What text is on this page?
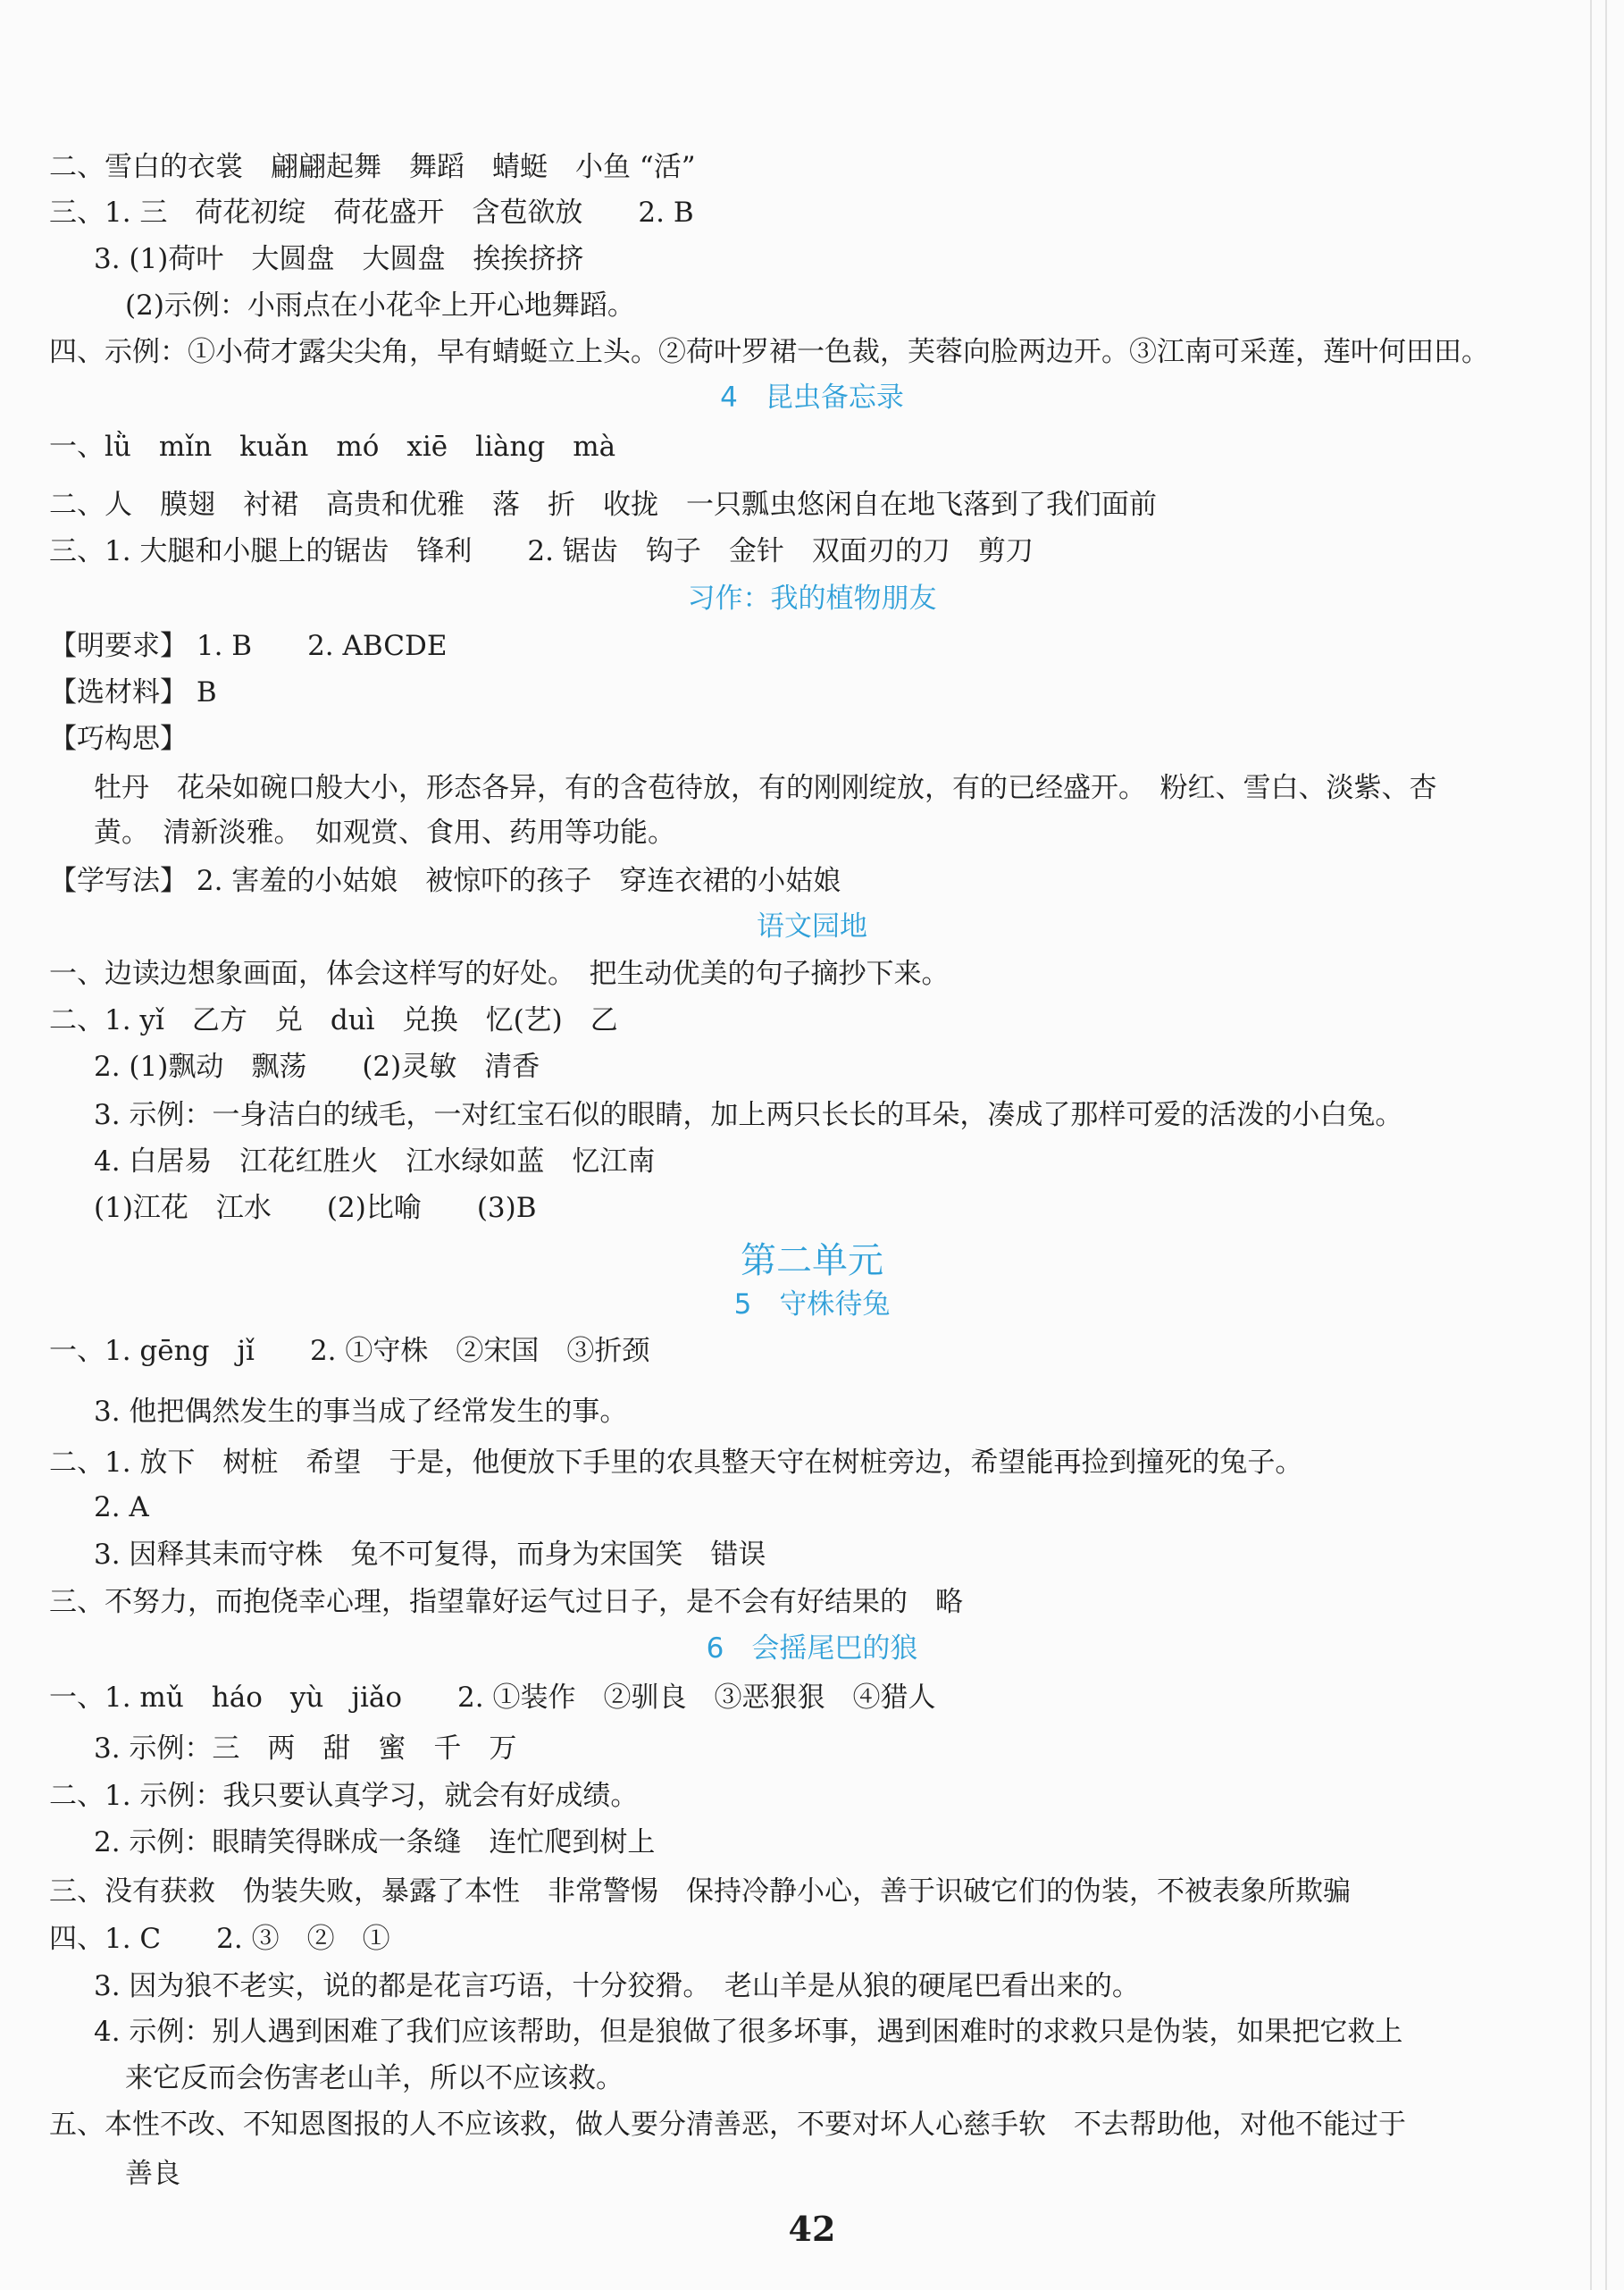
二、雪白的衣裳　翩翩起舞　舞蹈　蜻蜓　小鱼 “活”
三、1. 三　荷花初绽　荷花盛开　含苞欲放　　2. B
3. (1)荷叶　大圆盘　大圆盘　挨挨挤挤
(2)示例：小雨点在小花伞上开心地舞蹈。
四、示例：①小荷才露尖尖角，早有蜻蜓立上头。②荷叶罗裙一色裁，芙蓉向脸两边开。③江南可采莲，莲叶何田田。
4　昆虫备忘录
一、lǜ　mǐn　kuǎn　mó　xiē　liàng　mà
二、人　膜翅　衬裙　高贵和优雅　落　折　收拢　一只瓢虫悠闲自在地飞落到了我们面前
三、1. 大腿和小腿上的锯齿　锋利　　2. 锯齿　钩子　金针　双面刃的刀　剪刀
习作：我的植物朋友
【明要求】 1. B　　2. ABCDE
【选材料】 B
【巧构思】
牡丹　花朵如碗口般大小，形态各异，有的含苞待放，有的刚刚绽放，有的已经盛开。　粉红、雪白、淡紫、杏
黄。　清新淡雅。　如观赏、食用、药用等功能。
【学写法】 2. 害羞的小姑娘　被惊吓的孩子　穿连衣裙的小姑娘
语文园地
一、边读边想象画面，体会这样写的好处。　把生动优美的句子摘抄下来。
二、1. yǐ　乙方　兑　duì　兑换　忆(艺)　乙
2. (1)飘动　飘荡　　(2)灵敏　清香
3. 示例：一身洁白的绒毛，一对红宝石似的眼睛，加上两只长长的耳朵，凑成了那样可爱的活泼的小白兔。
4. 白居易　江花红胜火　江水绿如蓝　忆江南
(1)江花　江水　　(2)比喻　　(3)B
第二单元
5　守株待兔
一、1. gēng　jǐ　　2. ①守株　②宋国　③折颈
3. 他把偶然发生的事当成了经常发生的事。
二、1. 放下　树桩　希望　于是，他便放下手里的农具整天守在树桩旁边，希望能再捡到撞死的兔子。
2. A
3. 因释其耒而守株　兔不可复得，而身为宋国笑　错误
三、不努力，而抱侥幸心理，指望靠好运气过日子，是不会有好结果的　略
6　会摇尾巴的狼
一、1. mǔ　háo　yù　jiǎo　　2. ①装作　②驯良　③恶狠狠　④猎人
3. 示例：三　两　甜　蜜　千　万
二、1. 示例：我只要认真学习，就会有好成绩。
2. 示例：眼睛笑得眯成一条缝　连忙爬到树上
三、没有获救　伪装失败，暴露了本性　非常警惕　保持冷静小心，善于识破它们的伪装，不被表象所欺骗
四、1. C　　2. ③　②　①
3. 因为狼不老实，说的都是花言巧语，十分狡猾。　老山羊是从狼的硬尾巴看出来的。
4. 示例：别人遇到困难了我们应该帮助，但是狼做了很多坏事，遇到困难时的求救只是伪装，如果把它救上
来它反而会伤害老山羊，所以不应该救。
五、本性不改、不知恩图报的人不应该救，做人要分清善恶，不要对坏人心慈手软　不去帮助他，对他不能过于
善良
42
